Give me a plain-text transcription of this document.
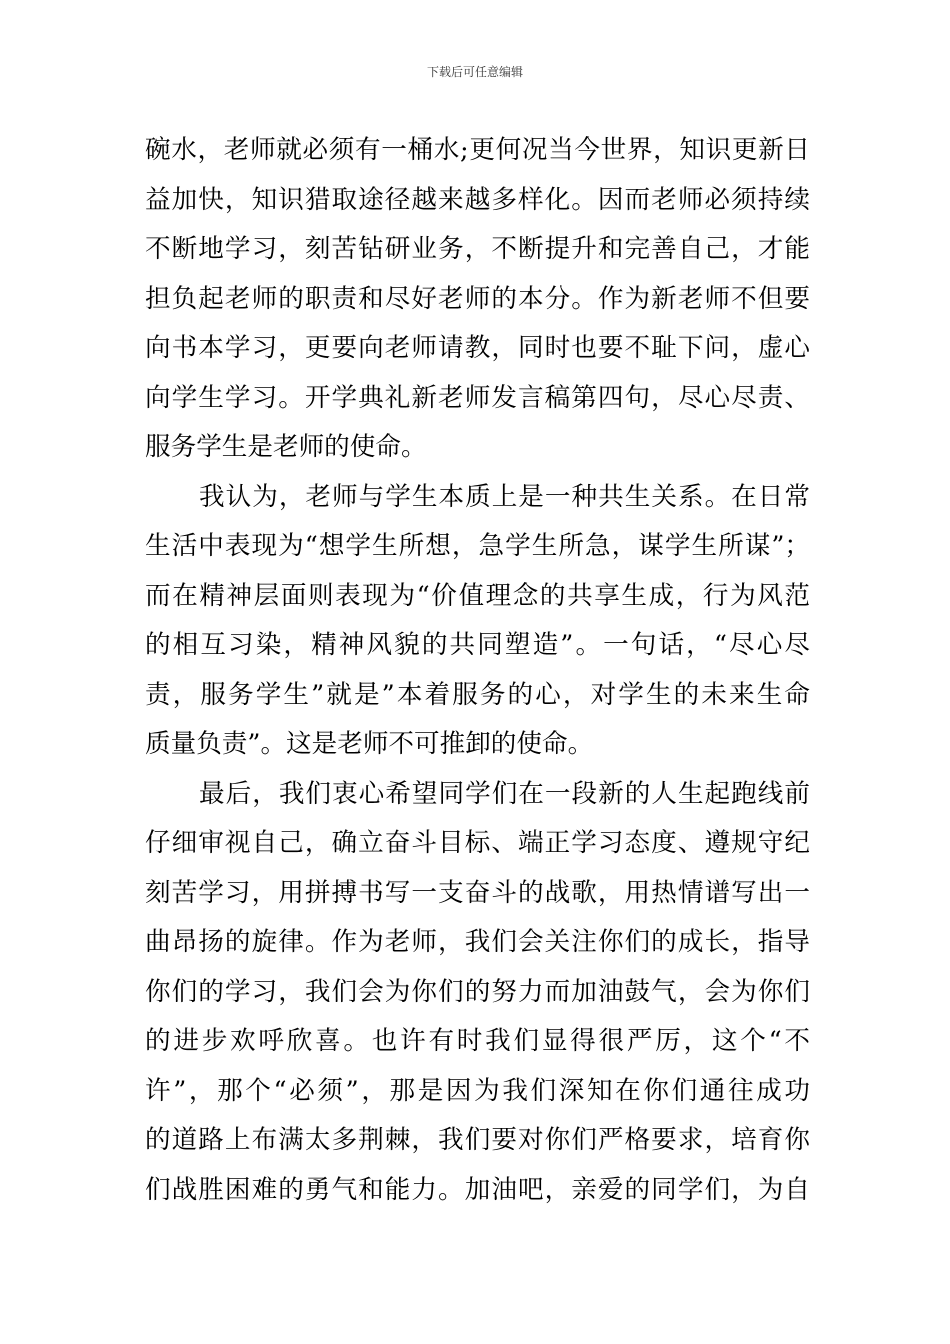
下载后可任意编辑
碗水，老师就必须有一桶水;更何况当今世界，知识更新日
益加快，知识猎取途径越来越多样化。因而老师必须持续
不断地学习，刻苦钻研业务，不断提升和完善自己，才能
担负起老师的职责和尽好老师的本分。作为新老师不但要
向书本学习，更要向老师请教，同时也要不耻下问，虚心
向学生学习。开学典礼新老师发言稿第四句，尽心尽责、
服务学生是老师的使命。
我认为，老师与学生本质上是一种共生关系。在日常
生活中表现为“想学生所想，急学生所急，谋学生所谋”；
而在精神层面则表现为“价值理念的共享生成，行为风范
的相互习染，精神风貌的共同塑造”。一句话，“尽心尽
责，服务学生”就是”本着服务的心，对学生的未来生命
质量负责”。这是老师不可推卸的使命。
最后，我们衷心希望同学们在一段新的人生起跑线前
仔细审视自己，确立奋斗目标、端正学习态度、遵规守纪
刻苦学习，用拼搏书写一支奋斗的战歌，用热情谱写出一
曲昂扬的旋律。作为老师，我们会关注你们的成长，指导
你们的学习，我们会为你们的努力而加油鼓气，会为你们
的进步欢呼欣喜。也许有时我们显得很严厉，这个“不
许”，那个“必须”，那是因为我们深知在你们通往成功
的道路上布满太多荆棘，我们要对你们严格要求，培育你
们战胜困难的勇气和能力。加油吧，亲爱的同学们，为自
